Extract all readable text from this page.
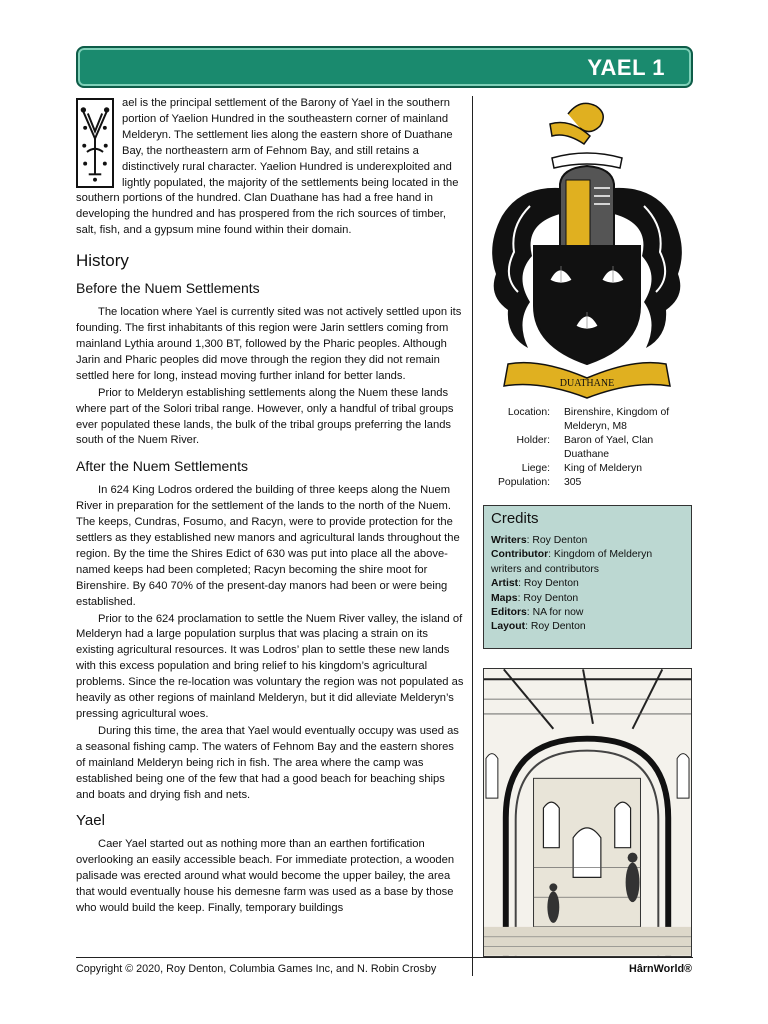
YAEL 1

ael is the principal settlement of the Barony of Yael in the southern portion of Yaelion Hundred in the southeastern corner of mainland Melderyn. The settlement lies along the eastern shore of Duathane Bay, the northeastern arm of Fehnom Bay, and still retains a distinctively rural character. Yaelion Hundred is underexploited and lightly populated, the majority of the settlements being located in the southern portions of the hundred. Clan Duathane has had a free hand in developing the hundred and has prospered from the rich sources of timber, salt, fish, and a gypsum mine found within their domain.

History
Before the Nuem Settlements

The location where Yael is currently sited was not actively settled upon its founding. The first inhabitants of this region were Jarin settlers coming from mainland Lythia around 1,300 BT, followed by the Pharic peoples. Although Jarin and Pharic peoples did move through the region they did not remain settled here for long, instead moving further inland for better lands.

Prior to Melderyn establishing settlements along the Nuem these lands where part of the Solori tribal range. However, only a handful of tribal groups ever populated these lands, the bulk of the tribal groups preferring the lands south of the Nuem River.

After the Nuem Settlements

In 624 King Lodros ordered the building of three keeps along the Nuem River in preparation for the settlement of the lands to the north of the Nuem. The keeps, Cundras, Fosumo, and Racyn, were to provide protection for the settlers as they established new manors and agricultural lands throughout the region. By the time the Shires Edict of 630 was put into place all the above-named keeps had been completed; Racyn becoming the shire moot for Birenshire. By 640 70% of the present-day manors had been or were being established.

Prior to the 624 proclamation to settle the Nuem River valley, the island of Melderyn had a large population surplus that was placing a strain on its existing agricultural resources. It was Lodros’ plan to settle these new lands with this excess population and bring relief to his kingdom’s agricultural problems. Since the re-location was voluntary the region was not populated as heavily as other regions of mainland Melderyn, but it did alleviate Melderyn’s pressing agricultural woes.

During this time, the area that Yael would eventually occupy was used as a seasonal fishing camp. The waters of Fehnom Bay and the eastern shores of mainland Melderyn being rich in fish. The area where the camp was established being one of the few that had a good beach for beaching ships and boats and drying fish and nets.

Yael

Caer Yael started out as nothing more than an earthen fortification overlooking an easily accessible beach. For immediate protection, a wooden palisade was erected around what would become the upper bailey, the area that would eventually house his demesne farm was used as a base by those who would build the keep. Finally, temporary buildings

DUATHANE
Location:	Birenshire, Kingdom of Melderyn, M8
Holder:	Baron of Yael, Clan Duathane
Liege:	King of Melderyn
Population:	305
Credits
Writers: Roy Denton
Contributor: Kingdom of Melderyn writers and contributors
Artist: Roy Denton
Maps: Roy Denton
Editors: NA for now
Layout: Roy Denton
Copyright © 2020, Roy Denton, Columbia Games Inc, and N. Robin Crosby	HârnWorld®
